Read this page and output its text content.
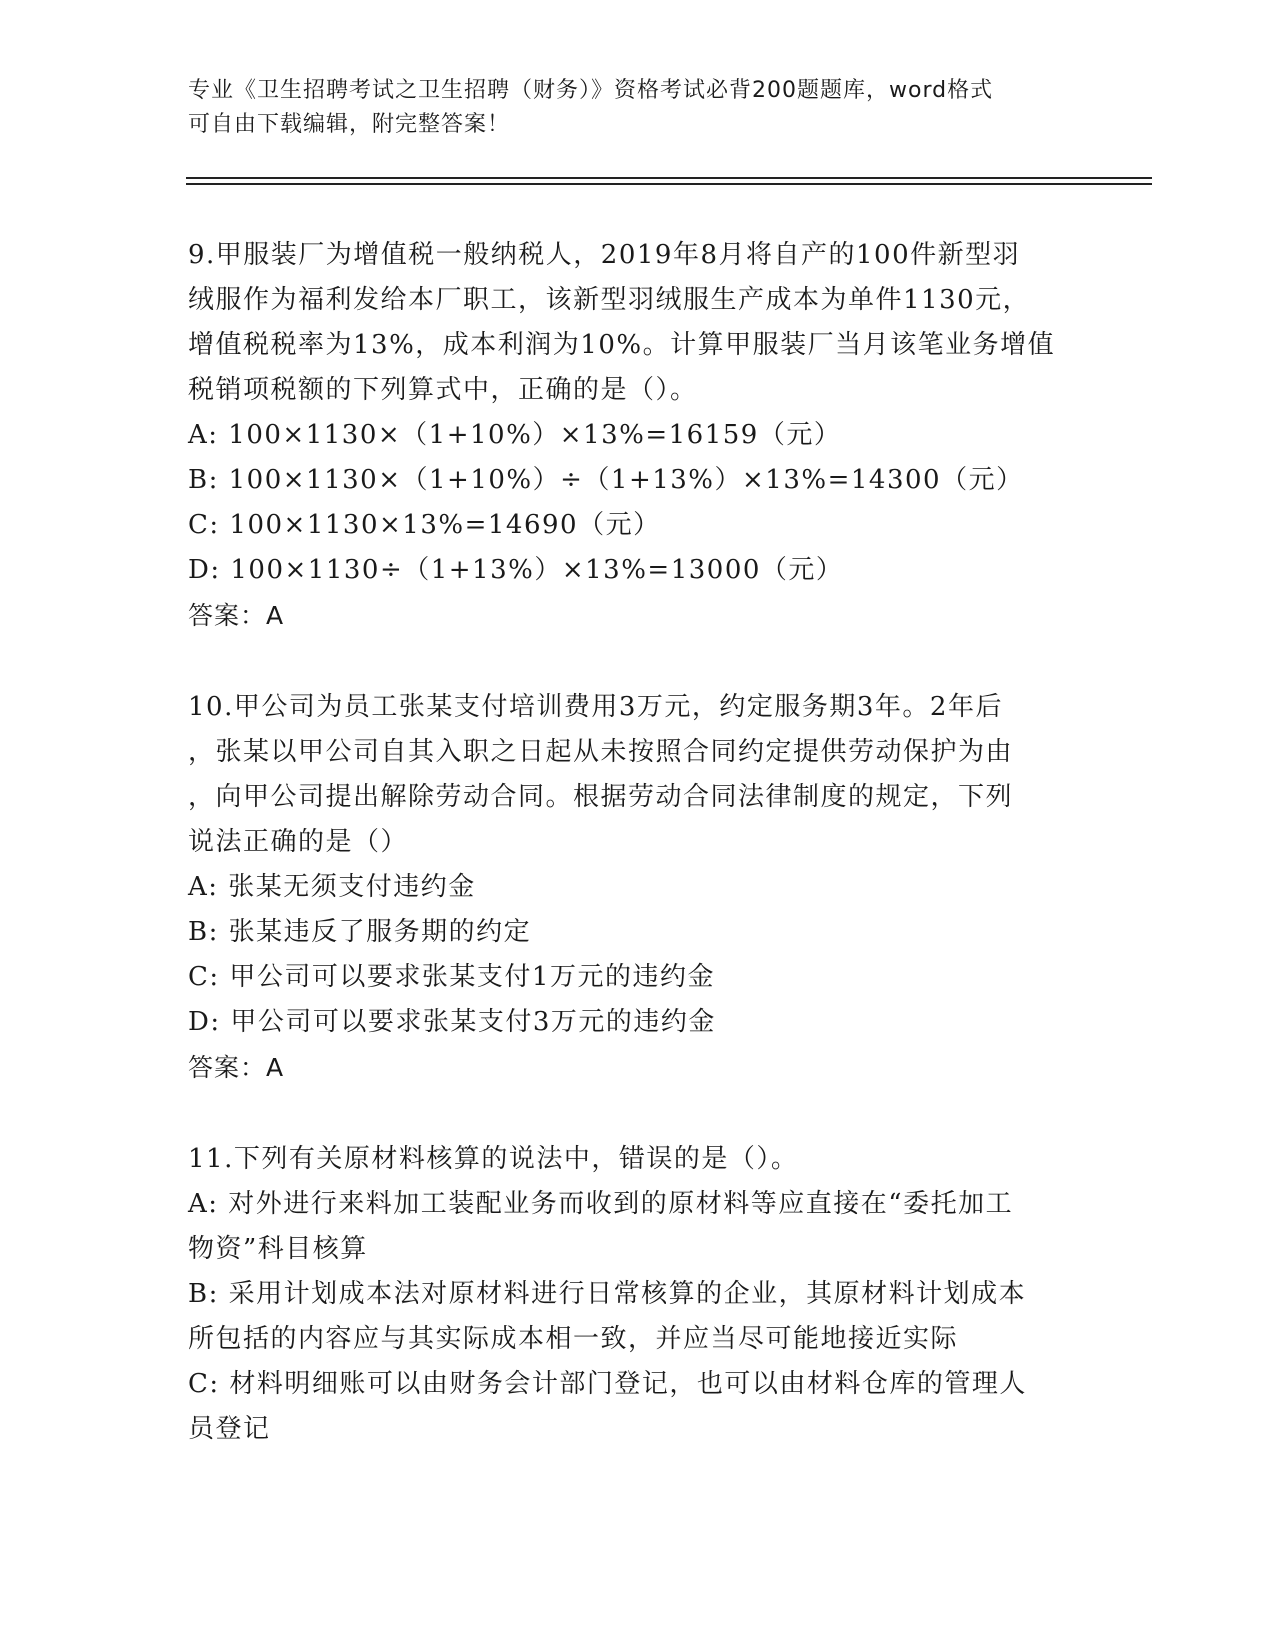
专业《卫生招聘考试之卫生招聘（财务）》资格考试必背200题题库，word格式
可自由下载编辑，附完整答案！
9.甲服装厂为增值税一般纳税人，2019年8月将自产的100件新型羽
绒服作为福利发给本厂职工，该新型羽绒服生产成本为单件1130元，
增值税税率为13%，成本利润为10%。计算甲服装厂当月该笔业务增值
税销项税额的下列算式中，正确的是（）。
A: 100×1130×（1+10%）×13%=16159（元）
B: 100×1130×（1+10%）÷（1+13%）×13%=14300（元）
C: 100×1130×13%=14690（元）
D: 100×1130÷（1+13%）×13%=13000（元）
答案：A
10.甲公司为员工张某支付培训费用3万元，约定服务期3年。2年后
，张某以甲公司自其入职之日起从未按照合同约定提供劳动保护为由
，向甲公司提出解除劳动合同。根据劳动合同法律制度的规定，下列
说法正确的是（）
A: 张某无须支付违约金
B: 张某违反了服务期的约定
C: 甲公司可以要求张某支付1万元的违约金
D: 甲公司可以要求张某支付3万元的违约金
答案：A
11.下列有关原材料核算的说法中，错误的是（）。
A: 对外进行来料加工装配业务而收到的原材料等应直接在“委托加工
物资”科目核算
B: 采用计划成本法对原材料进行日常核算的企业，其原材料计划成本
所包括的内容应与其实际成本相一致，并应当尽可能地接近实际
C: 材料明细账可以由财务会计部门登记，也可以由材料仓库的管理人
员登记
